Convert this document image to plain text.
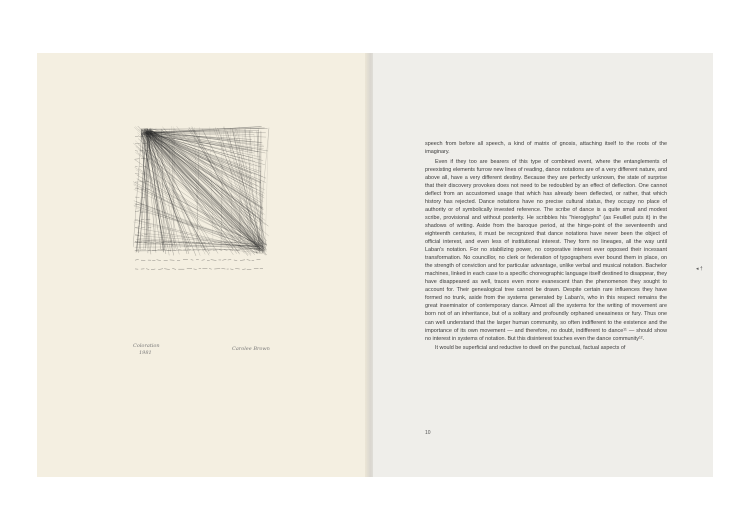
Coloration
1981
Carolee Brown

speech from before all speech, a kind of matrix of gnosis, attaching itself to the roots of the imaginary.

Even if they too are bearers of this type of combined event, where the entanglements of preexisting elements furrow new lines of reading, dance notations are of a very different nature, and above all, have a very different destiny. Because they are perfectly unknown, the state of surprise that their discovery provokes does not need to be redoubled by an effect of deflection. One cannot deflect from an accustomed usage that which has already been deflected, or rather, that which history has rejected. Dance notations have no precise cultural status, they occupy no place of authority or of symbolically invested reference. The scribe of dance is a quite small and modest scribe, provisional and without posterity. He scribbles his "hieroglyphs" (as Feuillet puts it) in the shadows of writing. Aside from the baroque period, at the hinge-point of the seventeenth and eighteenth centuries, it must be recognized that dance notations have never been the object of official interest, and even less of institutional interest. They form no lineages, all the way until Laban's notation. For no stabilizing power, no corporative interest ever opposed their incessant transformation. No councillor, no clerk or federation of typographers ever bound them in place, on the strength of conviction and for particular advantage, unlike verbal and musical notation. Bachelor machines, linked in each case to a specific choreographic language itself destined to disappear, they have disappeared as well, traces even more evanescent than the phenomenon they sought to account for. Their genealogical tree cannot be drawn. Despite certain rare influences they have formed no trunk, aside from the systems generated by Laban's, who in this respect remains the great inseminator of contemporary dance. Almost all the systems for the writing of movement are born not of an inheritance, but of a solitary and profoundly orphaned uneasiness or fury. Thus one can well understand that the larger human community, so often indifferent to the existence and the importance of its own movement — and therefore, no doubt, indifferent to dance¹¹ — should show no interest in systems of notation. But this disinterest touches even the dance community¹².

It would be superficial and reductive to dwell on the punctual, factual aspects of

◂ †
10
